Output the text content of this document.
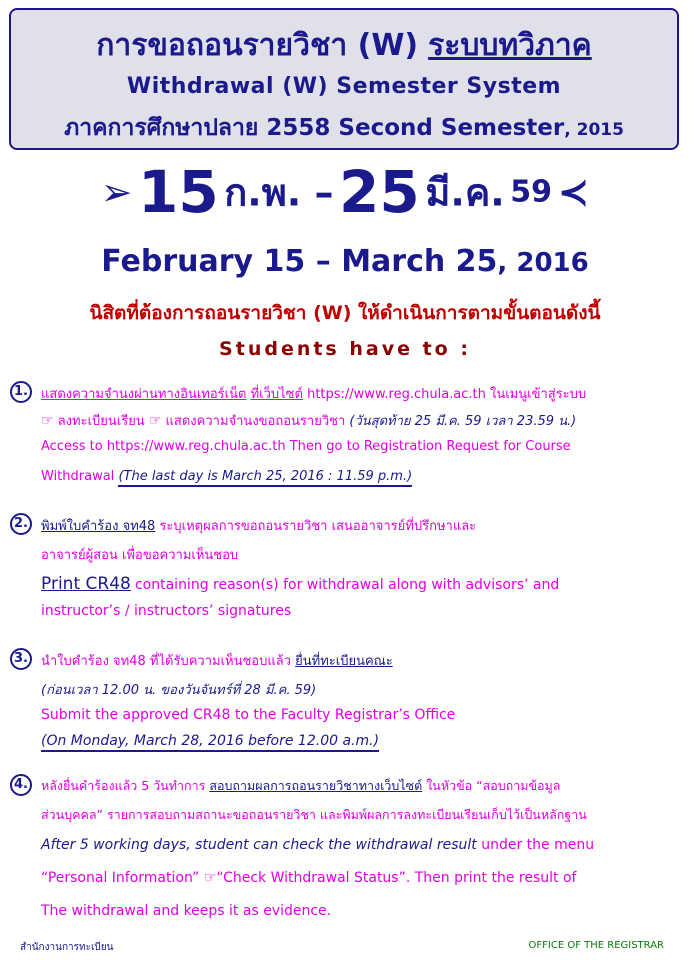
การขอถอนรายวิชา (W) ระบบทวิภาค
Withdrawal (W) Semester System
ภาคการศึกษาปลาย 2558 Second Semester, 2015
➢ 15 ก.พ. – 25 มี.ค. 59 ≺
February 15 – March 25, 2016
นิสิตที่ต้องการถอนรายวิชา (W) ให้ดำเนินการตามขั้นตอนดังนี้
Students have to :
1.	แสดงความจำนงผ่านทางอินเทอร์เน็ต ที่เว็บไซต์ https://www.reg.chula.ac.th ในเมนูเข้าสู่ระบบ
☞ ลงทะเบียนเรียน ☞ แสดงความจำนงขอถอนรายวิชา (วันสุดท้าย 25 มี.ค. 59 เวลา 23.59 น.)
Access to https://www.reg.chula.ac.th Then go to Registration Request for Course
Withdrawal (The last day is March 25, 2016 : 11.59 p.m.)
2.	พิมพ์ใบคำร้อง จท48 ระบุเหตุผลการขอถอนรายวิชา เสนออาจารย์ที่ปรึกษาและ
อาจารย์ผู้สอน เพื่อขอความเห็นชอบ
Print CR48 containing reason(s) for withdrawal along with advisors’ and
instructor’s / instructors’ signatures
3.	นำใบคำร้อง จท48 ที่ได้รับความเห็นชอบแล้ว ยื่นที่ทะเบียนคณะ
(ก่อนเวลา 12.00 น. ของวันจันทร์ที่ 28 มี.ค. 59)
Submit the approved CR48 to the Faculty Registrar’s Office
(On Monday, March 28, 2016 before 12.00 a.m.)
4.	หลังยื่นคำร้องแล้ว 5 วันทำการ สอบถามผลการถอนรายวิชาทางเว็บไซต์ ในหัวข้อ “สอบถามข้อมูล
ส่วนบุคคล” รายการสอบถามสถานะขอถอนรายวิชา และพิมพ์ผลการลงทะเบียนเรียนเก็บไว้เป็นหลักฐาน
After 5 working days, student can check the withdrawal result under the menu
“Personal Information” ☞“Check Withdrawal Status”. Then print the result of
The withdrawal and keeps it as evidence.
สำนักงานการทะเบียน	OFFICE OF THE REGISTRAR
